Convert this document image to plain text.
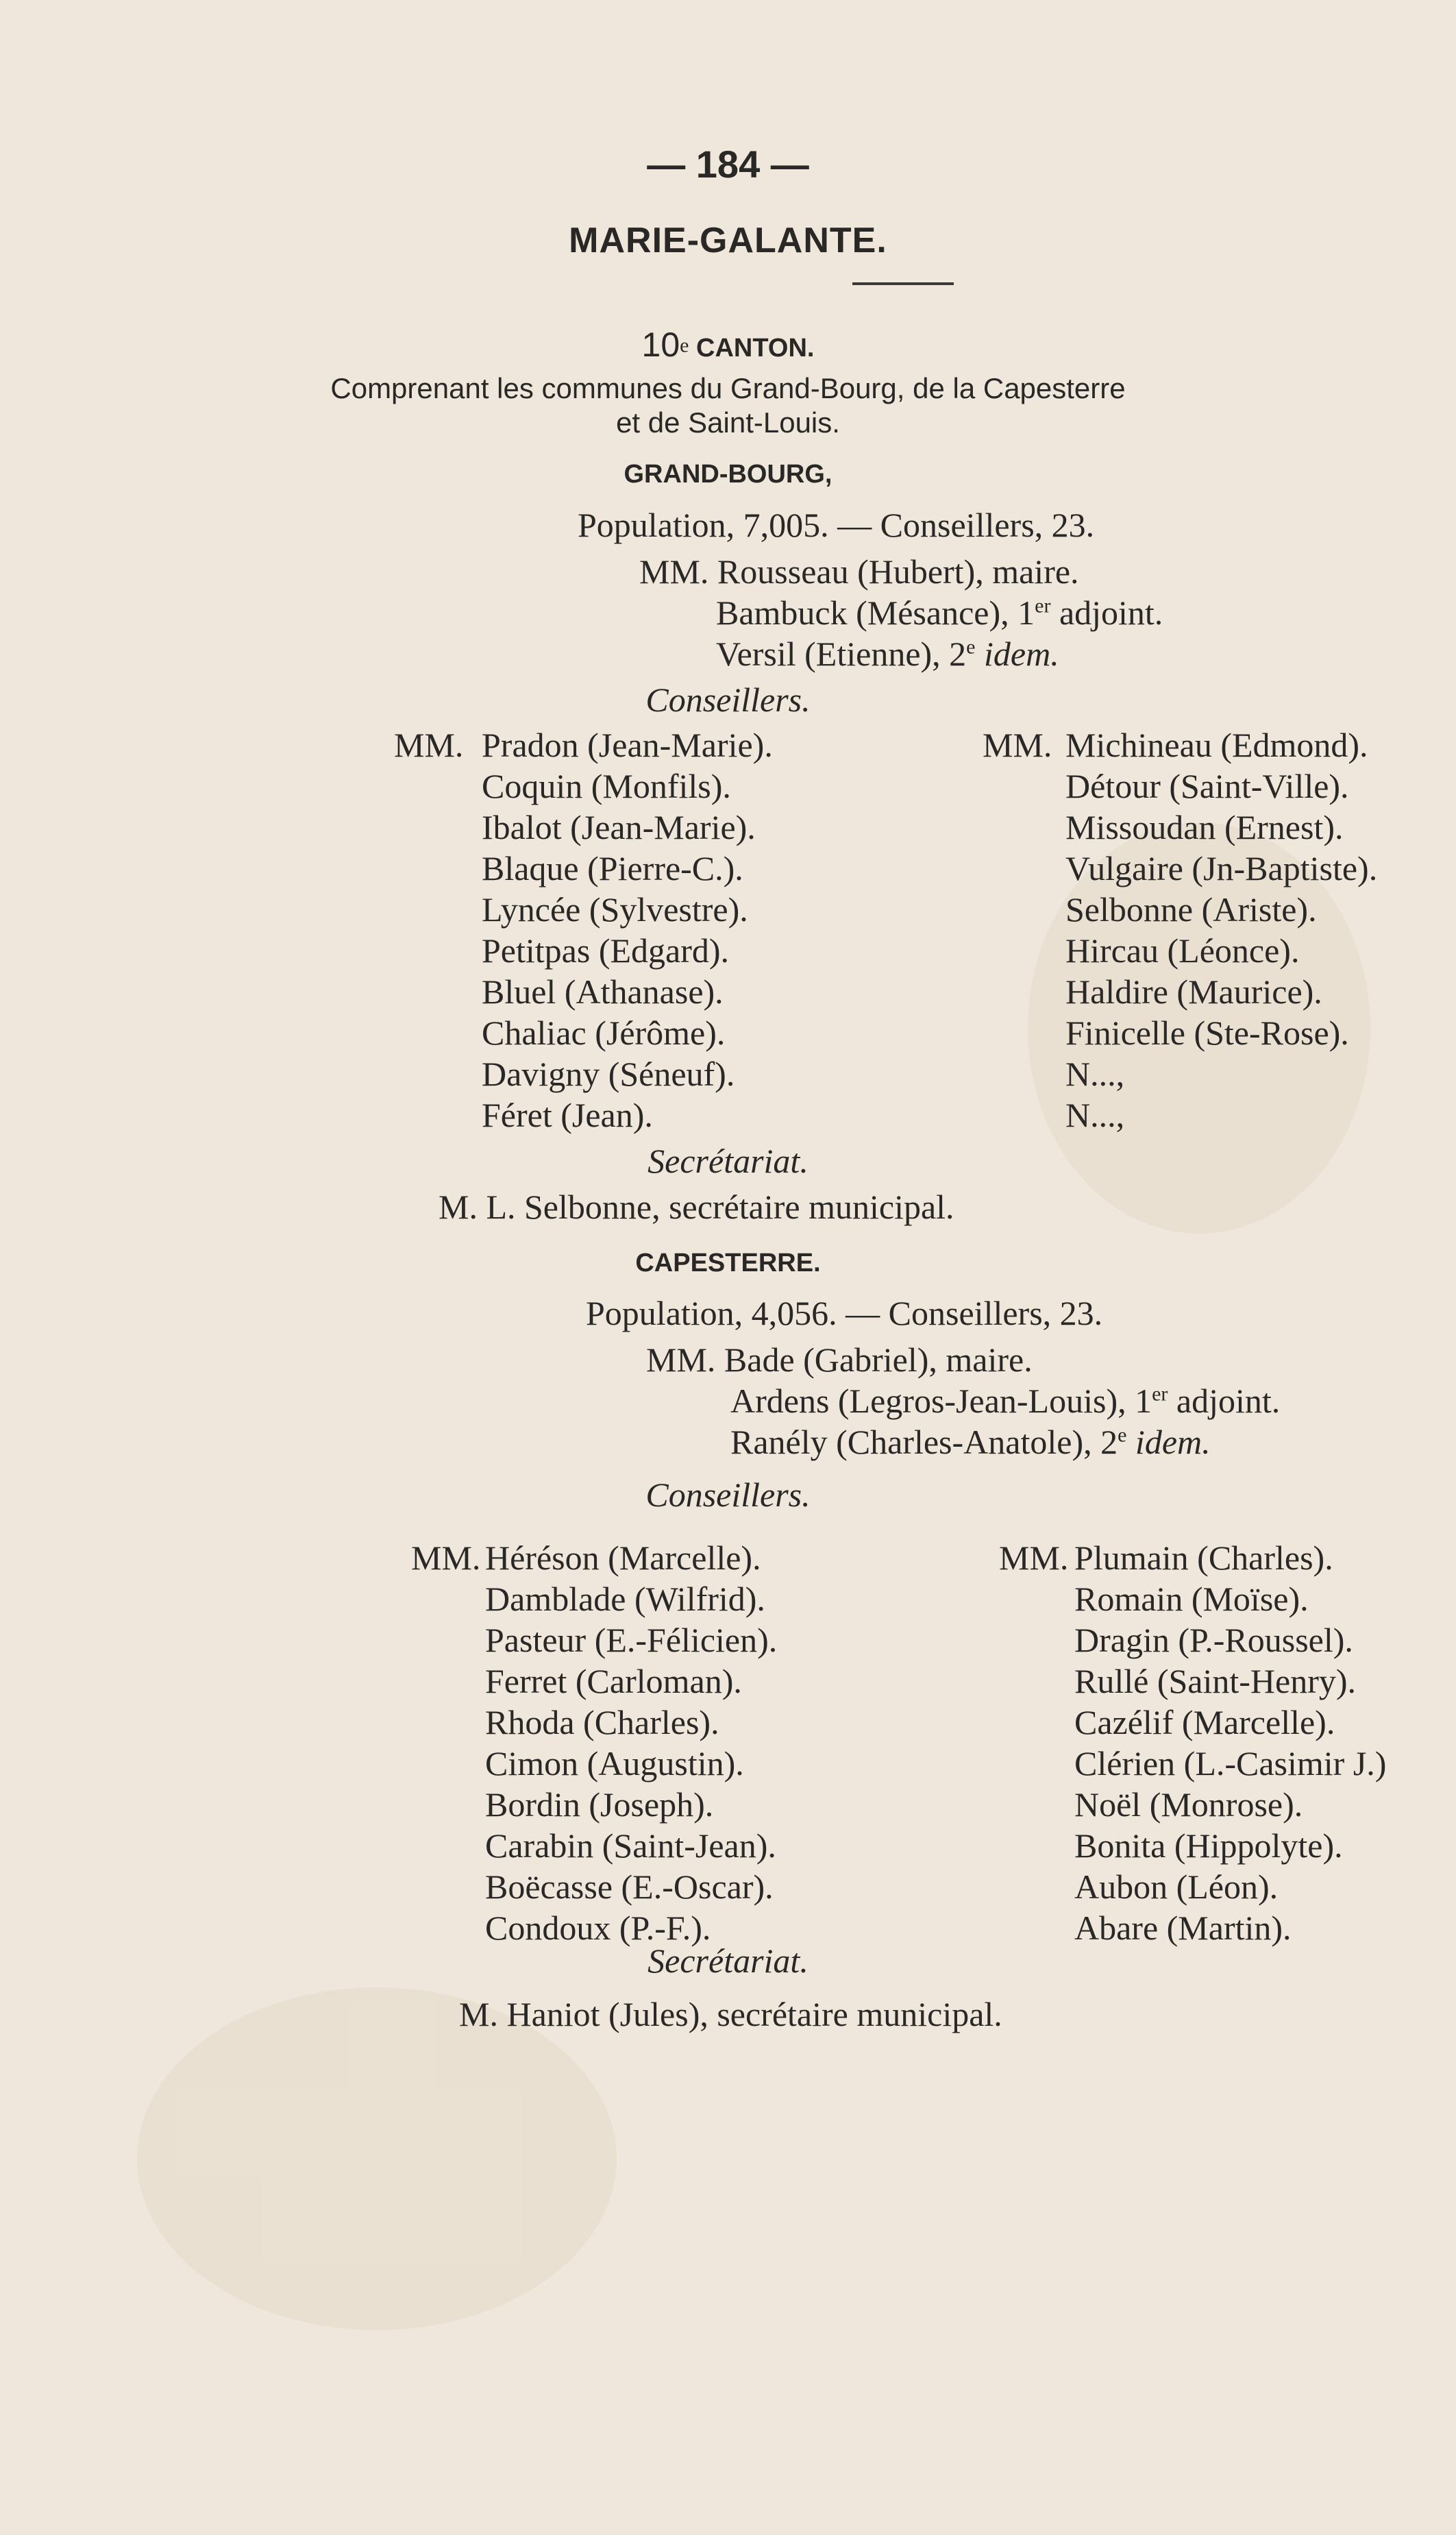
— 184 —
MARIE-GALANTE.
10e CANTON.
Comprenant les communes du Grand-Bourg, de la Capesterre
et de Saint-Louis.
GRAND-BOURG,
Population, 7,005. — Conseillers, 23.
MM. Rousseau (Hubert), maire.
Bambuck (Mésance), 1er adjoint.
Versil (Etienne), 2e idem.
Conseillers.
MM. Pradon (Jean-Marie).
Coquin (Monfils).
Ibalot (Jean-Marie).
Blaque (Pierre-C.).
Lyncée (Sylvestre).
Petitpas (Edgard).
Bluel (Athanase).
Chaliac (Jérôme).
Davigny (Séneuf).
Féret (Jean).
MM. Michineau (Edmond).
Détour (Saint-Ville).
Missoudan (Ernest).
Vulgaire (Jn-Baptiste).
Selbonne (Ariste).
Hircau (Léonce).
Haldire (Maurice).
Finicelle (Ste-Rose).
N...,
N...,
Secrétariat.
M. L. Selbonne, secrétaire municipal.
CAPESTERRE.
Population, 4,056. — Conseillers, 23.
MM. Bade (Gabriel), maire.
Ardens (Legros-Jean-Louis), 1er adjoint.
Ranély (Charles-Anatole), 2e idem.
Conseillers.
MM. Héréson (Marcelle).
Damblade (Wilfrid).
Pasteur (E.-Félicien).
Ferret (Carloman).
Rhoda (Charles).
Cimon (Augustin).
Bordin (Joseph).
Carabin (Saint-Jean).
Boëcasse (E.-Oscar).
Condoux (P.-F.).
MM. Plumain (Charles).
Romain (Moïse).
Dragin (P.-Roussel).
Rullé (Saint-Henry).
Cazélif (Marcelle).
Clérien (L.-Casimir J.)
Noël (Monrose).
Bonita (Hippolyte).
Aubon (Léon).
Abare (Martin).
Secrétariat.
M. Haniot (Jules), secrétaire municipal.
